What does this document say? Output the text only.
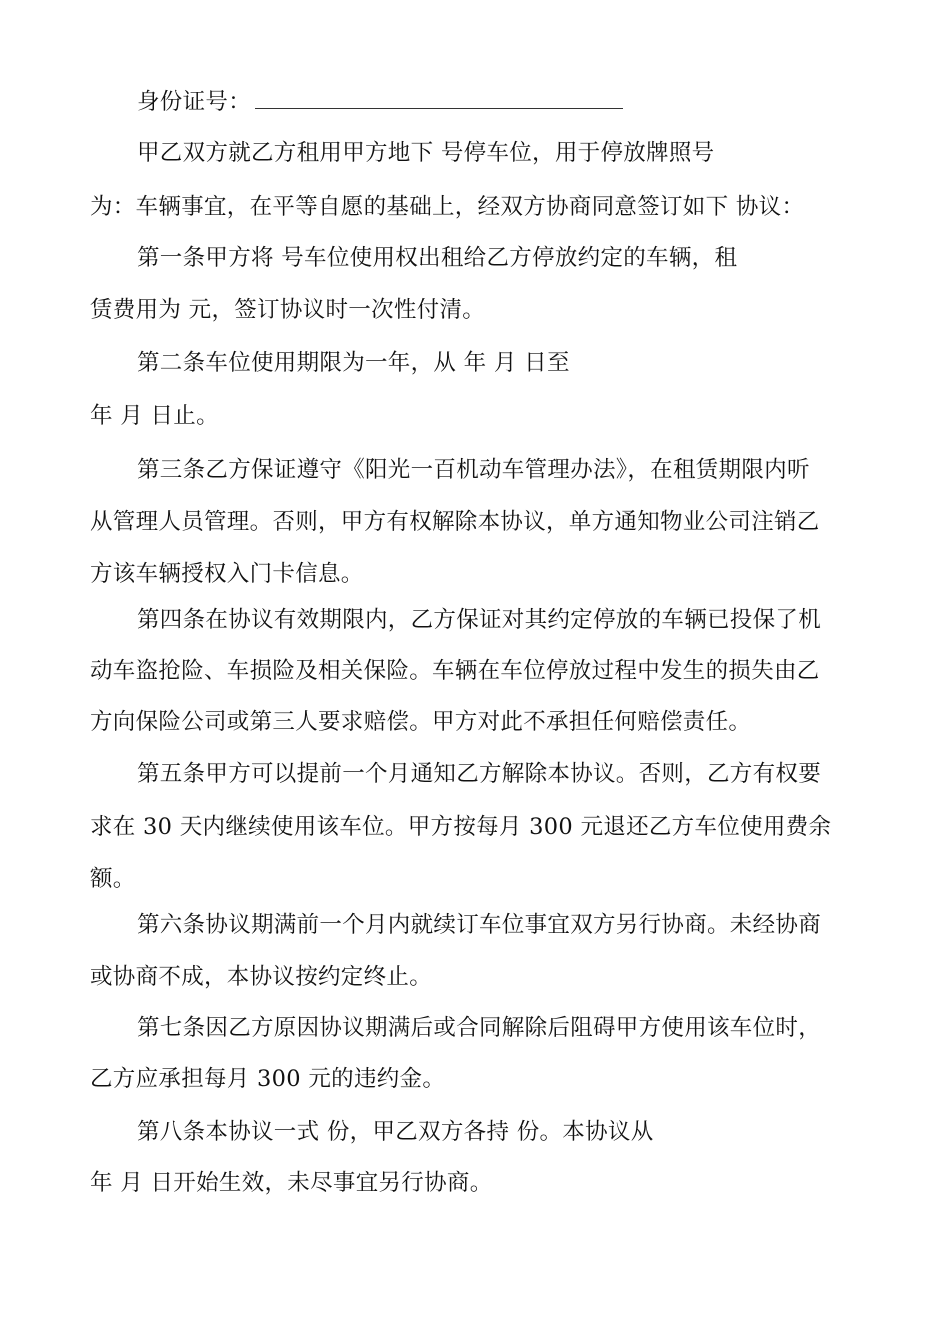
身份证号：
甲乙双方就乙方租用甲方地下 号停车位，用于停放牌照号
为：车辆事宜，在平等自愿的基础上，经双方协商同意签订如下 协议：
第一条甲方将 号车位使用权出租给乙方停放约定的车辆，租
赁费用为 元，签订协议时一次性付清。
第二条车位使用期限为一年，从 年 月 日至
年 月 日止。
第三条乙方保证遵守《阳光一百机动车管理办法》，在租赁期限内听
从管理人员管理。否则，甲方有权解除本协议，单方通知物业公司注销乙
方该车辆授权入门卡信息。
第四条在协议有效期限内，乙方保证对其约定停放的车辆已投保了机
动车盗抢险、车损险及相关保险。车辆在车位停放过程中发生的损失由乙
方向保险公司或第三人要求赔偿。甲方对此不承担任何赔偿责任。
第五条甲方可以提前一个月通知乙方解除本协议。否则，乙方有权要
求在 30 天内继续使用该车位。甲方按每月 300 元退还乙方车位使用费余
额。
第六条协议期满前一个月内就续订车位事宜双方另行协商。未经协商
或协商不成，本协议按约定终止。
第七条因乙方原因协议期满后或合同解除后阻碍甲方使用该车位时，
乙方应承担每月 300 元的违约金。
第八条本协议一式 份，甲乙双方各持 份。本协议从
年 月 日开始生效，未尽事宜另行协商。
